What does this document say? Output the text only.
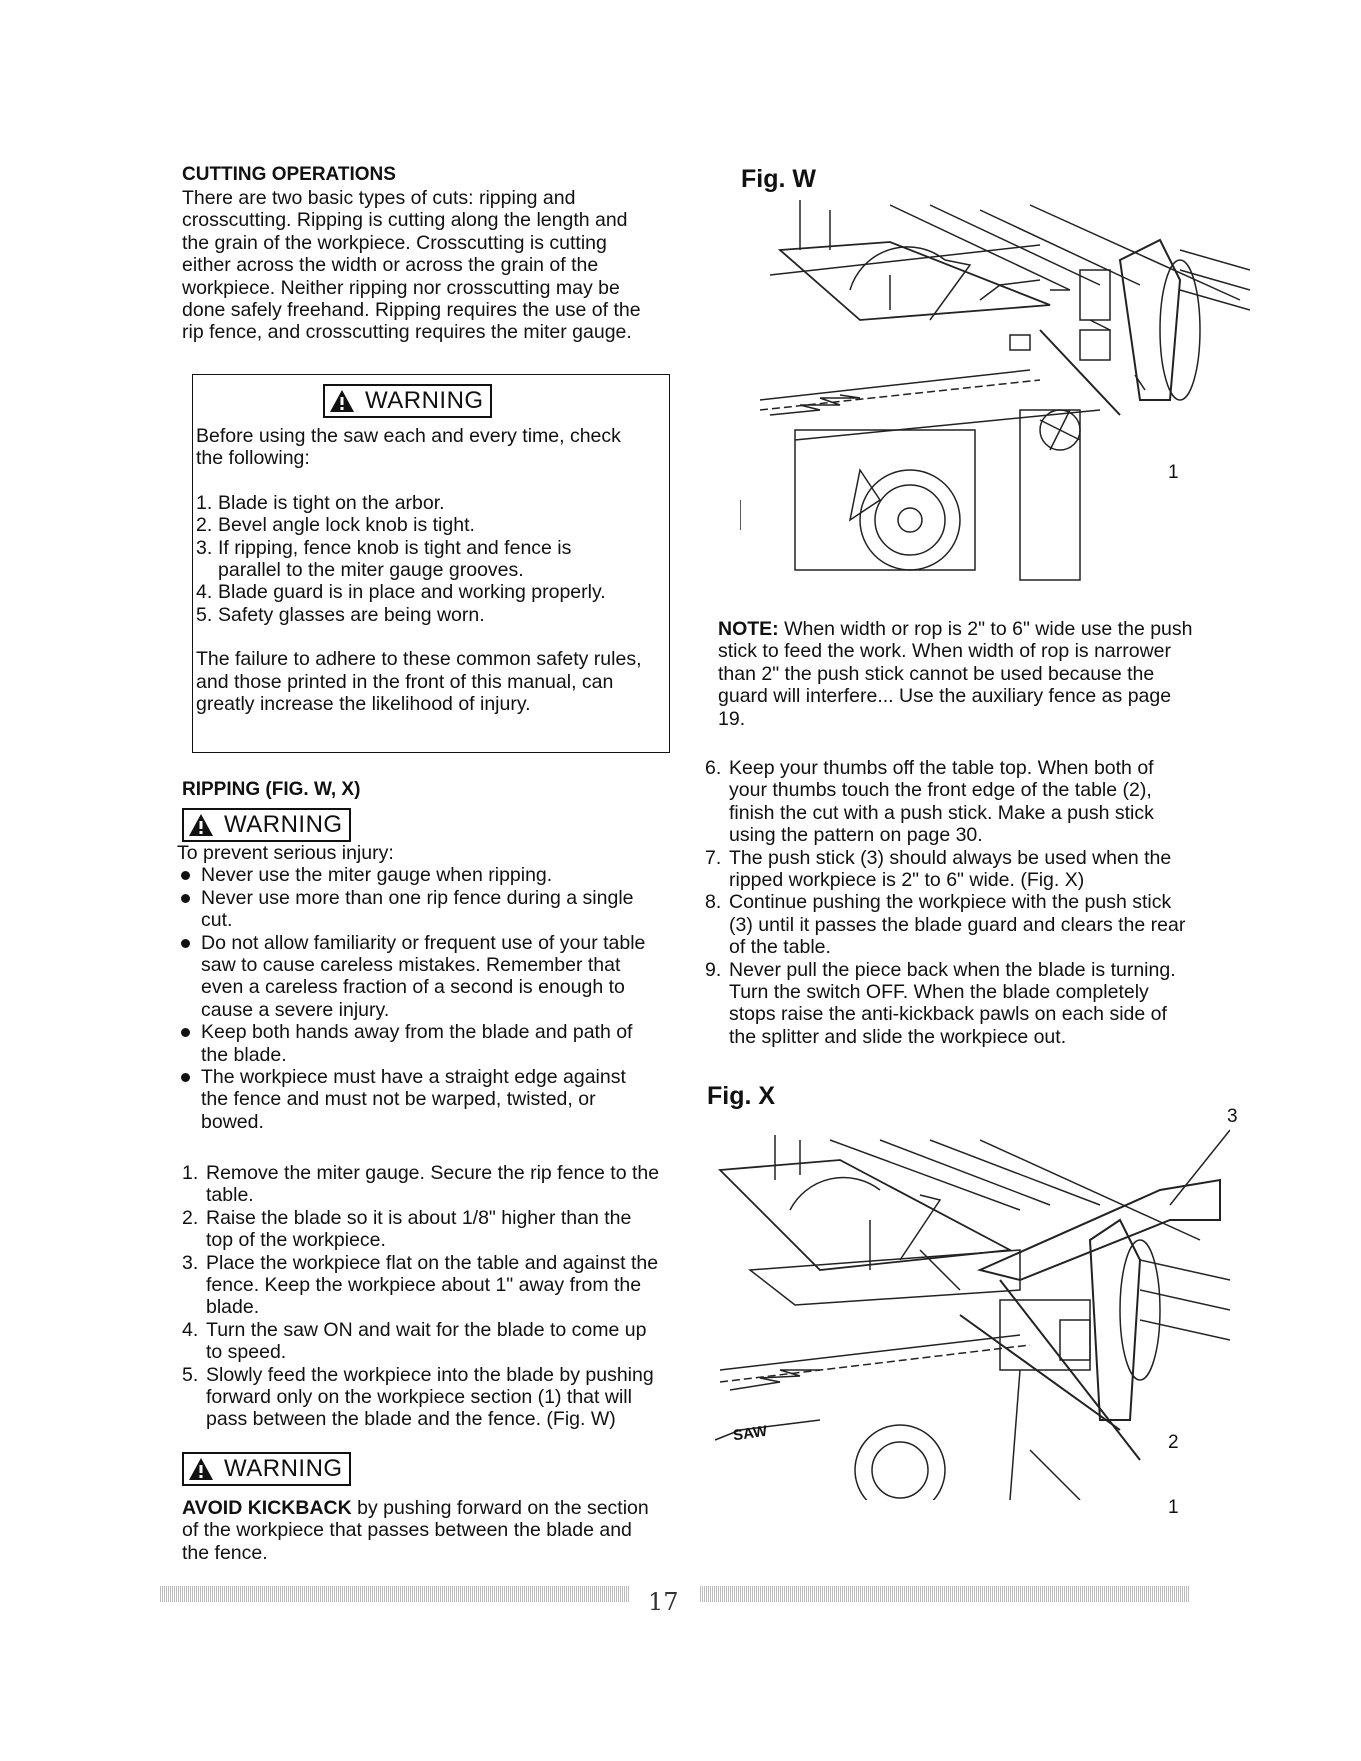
CUTTING OPERATIONS
There are two basic types of cuts: ripping and
crosscutting. Ripping is cutting along the length and
the grain of the workpiece. Crosscutting is cutting
either across the width or across the grain of the
workpiece. Neither ripping nor crosscutting may be
done safely freehand. Ripping requires the use of the
rip fence, and crosscutting requires the miter gauge.
WARNING
Before using the saw each and every time, check
the following:
1. Blade is tight on the arbor.
2. Bevel angle lock knob is tight.
3. If ripping, fence knob is tight and fence is
parallel to the miter gauge grooves.
4. Blade guard is in place and working properly.
5. Safety glasses are being worn.
The failure to adhere to these common safety rules,
and those printed in the front of this manual, can
greatly increase the likelihood of injury.
RIPPING (FIG. W, X)
WARNING
To prevent serious injury:
Never use the miter gauge when ripping.
Never use more than one rip fence during a single
cut.
Do not allow familiarity or frequent use of your table
saw to cause careless mistakes. Remember that
even a careless fraction of a second is enough to
cause a severe injury.
Keep both hands away from the blade and path of
the blade.
The workpiece must have a straight edge against
the fence and must not be warped, twisted, or
bowed.
1. Remove the miter gauge. Secure the rip fence to the
table.
2. Raise the blade so it is about 1/8" higher than the
top of the workpiece.
3. Place the workpiece flat on the table and against the
fence. Keep the workpiece about 1" away from the
blade.
4. Turn the saw ON and wait for the blade to come up
to speed.
5. Slowly feed the workpiece into the blade by pushing
forward only on the workpiece section (1) that will
pass between the blade and the fence. (Fig. W)
WARNING
AVOID KICKBACK by pushing forward on the section
of the workpiece that passes between the blade and
the fence.
Fig. W
1
NOTE: When width or rop is 2" to 6" wide use the push
stick to feed the work. When width of rop is narrower
than 2" the push stick cannot be used because the
guard will interfere... Use the auxiliary fence as page
19.
6. Keep your thumbs off the table top. When both of
your thumbs touch the front edge of the table (2),
finish the cut with a push stick. Make a push stick
using the pattern on page 30.
7. The push stick (3) should always be used when the
ripped workpiece is 2" to 6" wide. (Fig. X)
8. Continue pushing the workpiece with the push stick
(3) until it passes the blade guard and clears the rear
of the table.
9. Never pull the piece back when the blade is turning.
Turn the switch OFF. When the blade completely
stops raise the anti-kickback pawls on each side of
the splitter and slide the workpiece out.
Fig. X
3
SAW	2
1
17
